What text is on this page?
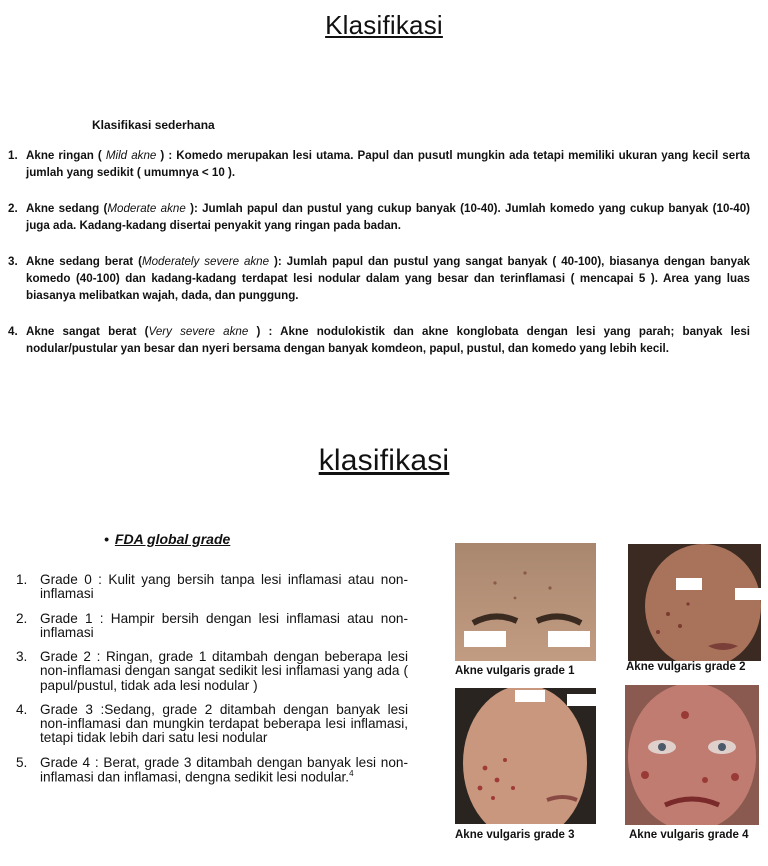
Klasifikasi
Klasifikasi sederhana
1. Akne ringan ( Mild akne ) : Komedo merupakan lesi utama. Papul dan pusutl mungkin ada tetapi memiliki ukuran yang kecil serta jumlah yang sedikit ( umumnya < 10 ).
2. Akne sedang (Moderate akne ): Jumlah papul dan pustul yang cukup banyak (10-40). Jumlah komedo yang cukup banyak (10-40) juga ada. Kadang-kadang disertai penyakit yang ringan pada badan.
3. Akne sedang berat (Moderately severe akne ): Jumlah papul dan pustul yang sangat banyak ( 40-100), biasanya dengan banyak komedo (40-100) dan kadang-kadang terdapat lesi nodular dalam yang besar dan terinflamasi ( mencapai 5 ). Area yang luas biasanya melibatkan wajah, dada, dan punggung.
4. Akne sangat berat (Very severe akne ) : Akne nodulokistik dan akne konglobata dengan lesi yang parah; banyak lesi nodular/pustular yan besar dan nyeri bersama dengan banyak komdeon, papul, pustul, dan komedo yang lebih kecil.
klasifikasi
• FDA global grade
1. Grade 0 : Kulit yang bersih tanpa lesi inflamasi atau non-inflamasi
2. Grade 1 : Hampir bersih dengan lesi inflamasi atau non-inflamasi
3. Grade 2 : Ringan, grade 1 ditambah dengan beberapa lesi non-inflamasi dengan sangat sedikit lesi inflamasi yang ada ( papul/pustul, tidak ada lesi nodular )
4. Grade 3 :Sedang, grade 2 ditambah dengan banyak lesi non-inflamasi dan mungkin terdapat beberapa lesi inflamasi, tetapi tidak lebih dari satu lesi nodular
5. Grade 4 : Berat, grade 3 ditambah dengan banyak lesi non-inflamasi dan inflamasi, dengna sedikit lesi nodular.$^4$
Akne vulgaris grade 1	Akne vulgaris grade 2
Akne vulgaris grade 3	Akne vulgaris grade 4
